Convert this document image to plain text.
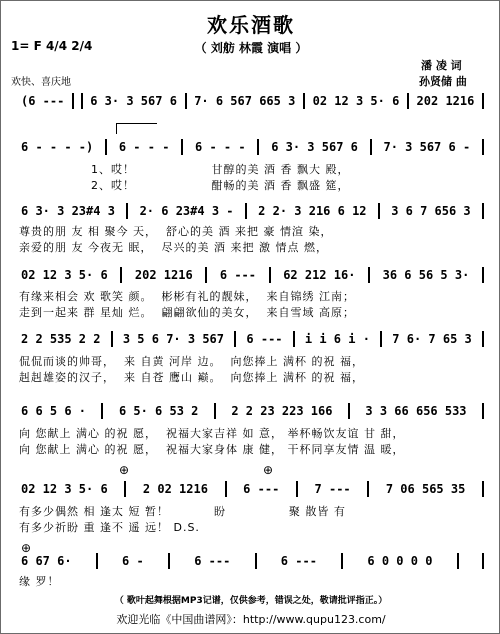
欢乐酒歌
（ 刘舫 林霞 演唱 ）
1= F 4/4 2/4
欢快、喜庆地
潘 凌 词
孙贤储 曲
(6 --- 6 3· 3 567 6 7· 6 567 665 3 02 12 3 5· 6 202 1216
6 - - - -) 6 - - - 6 - - - 6 3· 3 567 6 7· 3 567 6 -
1、哎！	甘醇的美 酒 香 飘大 殿，
2、哎！	酣畅的美 酒 香 飘盛 筵，
6 3· 3 23#4 3 2· 6 23#4 3 - 2 2· 3 216 6 12 3 6 7 656 3
尊贵的朋 友 相 聚今 天， 舒心的美 酒 来把 豪 情渲 染，
亲爱的朋 友 今夜无 眠， 尽兴的美 酒 来把 激 情点 燃，
02 12 3 5· 6 202 1216 6 --- 62 212 16· 36 6 56 5 3·
有缘来相会 欢 歌笑 颜。 彬彬有礼的靓妹， 来自锦绣 江南；
走到一起来 群 星灿 烂。 翩翩欲仙的美女， 来自雪域 高原；
2 2 535 2 2 3 5 6 7· 3 567 6 --- i i 6 i · 7 6· 7 65 3
侃侃而谈的帅哥， 来 自黄 河岸 边。 向您捧上 满杯 的祝 福，
赳赳雄姿的汉子， 来 自苍 鹰山 巅。 向您捧上 满杯 的祝 福，
6 6 5 6 ·	6 5· 6 53 2	2 2 23 223 166	3 3 66 656 533
向 您献上 满心 的祝 愿， 祝福大家吉祥 如 意， 举杯畅饮友谊 甘 甜，
向 您献上 满心 的祝 愿， 祝福大家身体 康 健， 干杯同享友情 温 暖，
⊕	⊕
02 12 3 5· 6	2 02 1216	6 ---	7 ---	7 06 565 35
有多少偶然 相 逢太 短 暂！	盼	聚 散皆 有
有多少祈盼 重 逢不 遥 远！ D.S.
⊕
6 67 6·	6 -	6 ---	6 ---	6 0 0 0 0
缘 罗！
（ 歌叶起舞根据MP3记谱，仅供参考，错误之处，敬请批评指正。）
欢迎光临《中国曲谱网》：http://www.qupu123.com/
